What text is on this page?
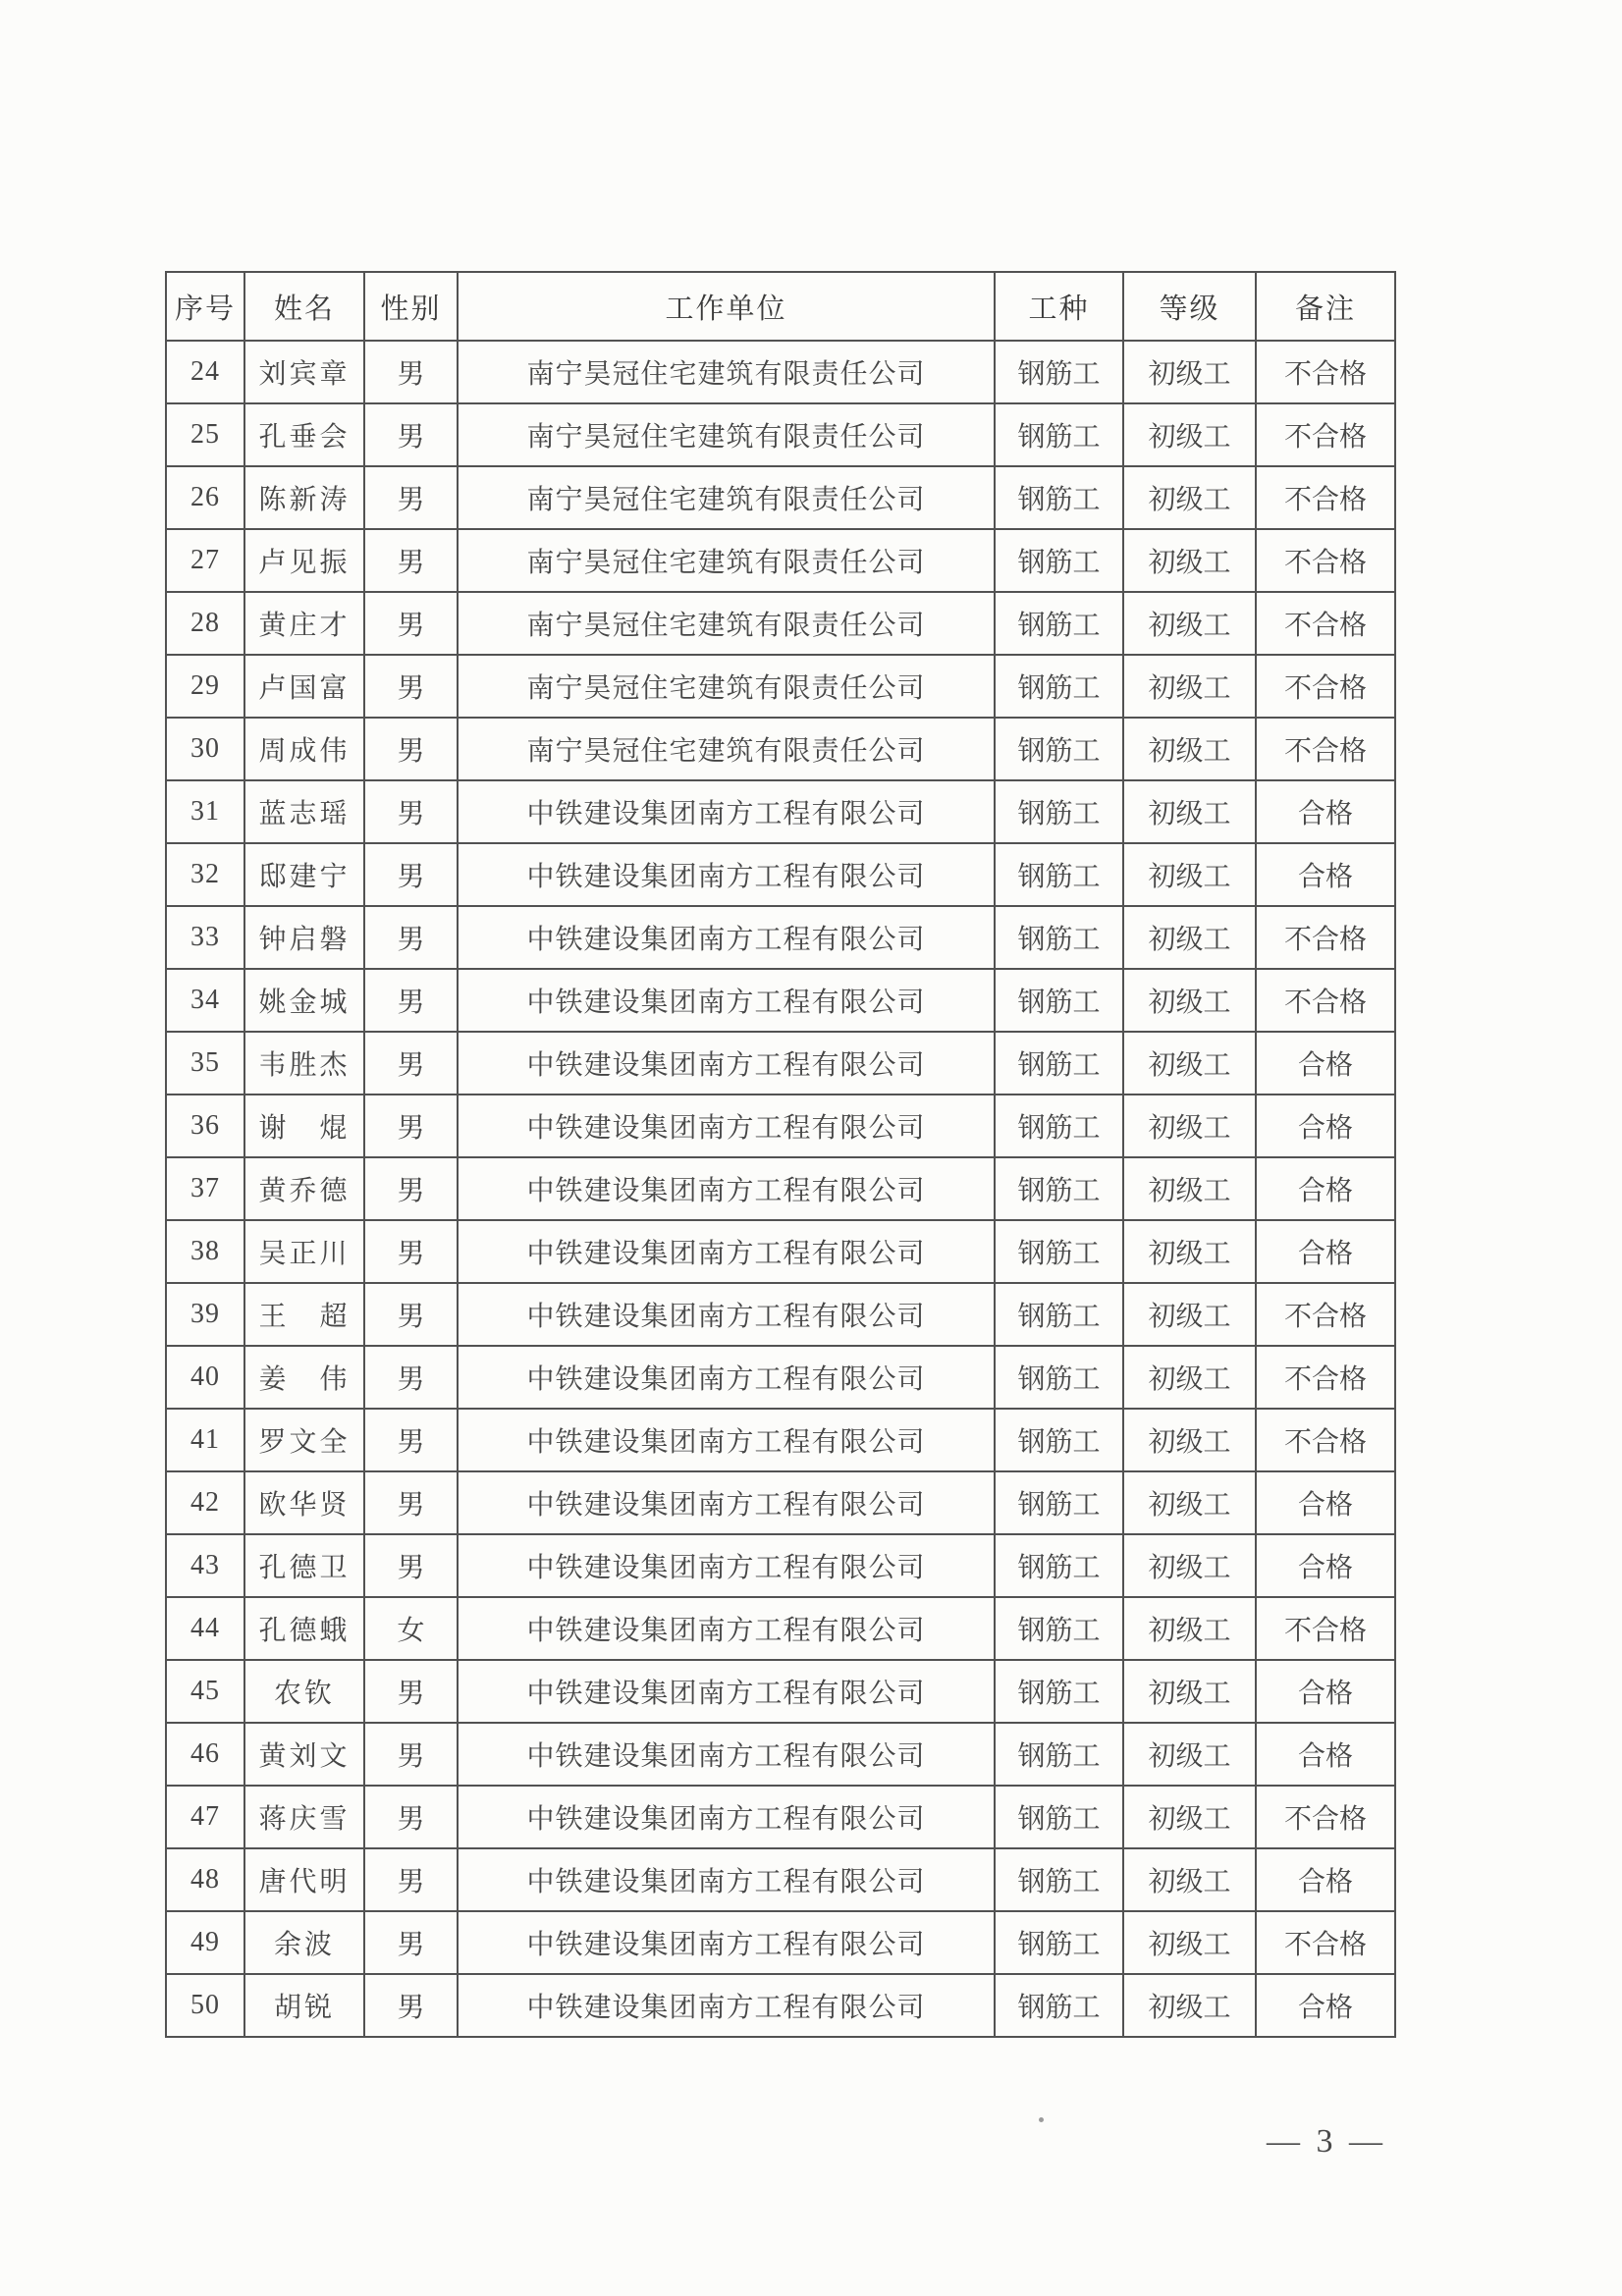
序号	姓名	性别	工作单位	工种	等级	备注
24	刘宾章	男	南宁昊冠住宅建筑有限责任公司	钢筋工	初级工	不合格
25	孔垂会	男	南宁昊冠住宅建筑有限责任公司	钢筋工	初级工	不合格
26	陈新涛	男	南宁昊冠住宅建筑有限责任公司	钢筋工	初级工	不合格
27	卢见振	男	南宁昊冠住宅建筑有限责任公司	钢筋工	初级工	不合格
28	黄庄才	男	南宁昊冠住宅建筑有限责任公司	钢筋工	初级工	不合格
29	卢国富	男	南宁昊冠住宅建筑有限责任公司	钢筋工	初级工	不合格
30	周成伟	男	南宁昊冠住宅建筑有限责任公司	钢筋工	初级工	不合格
31	蓝志瑶	男	中铁建设集团南方工程有限公司	钢筋工	初级工	合格
32	邸建宁	男	中铁建设集团南方工程有限公司	钢筋工	初级工	合格
33	钟启磐	男	中铁建设集团南方工程有限公司	钢筋工	初级工	不合格
34	姚金城	男	中铁建设集团南方工程有限公司	钢筋工	初级工	不合格
35	韦胜杰	男	中铁建设集团南方工程有限公司	钢筋工	初级工	合格
36	谢　焜	男	中铁建设集团南方工程有限公司	钢筋工	初级工	合格
37	黄乔德	男	中铁建设集团南方工程有限公司	钢筋工	初级工	合格
38	吴正川	男	中铁建设集团南方工程有限公司	钢筋工	初级工	合格
39	王　超	男	中铁建设集团南方工程有限公司	钢筋工	初级工	不合格
40	姜　伟	男	中铁建设集团南方工程有限公司	钢筋工	初级工	不合格
41	罗文全	男	中铁建设集团南方工程有限公司	钢筋工	初级工	不合格
42	欧华贤	男	中铁建设集团南方工程有限公司	钢筋工	初级工	合格
43	孔德卫	男	中铁建设集团南方工程有限公司	钢筋工	初级工	合格
44	孔德蛾	女	中铁建设集团南方工程有限公司	钢筋工	初级工	不合格
45	农钦	男	中铁建设集团南方工程有限公司	钢筋工	初级工	合格
46	黄刘文	男	中铁建设集团南方工程有限公司	钢筋工	初级工	合格
47	蒋庆雪	男	中铁建设集团南方工程有限公司	钢筋工	初级工	不合格
48	唐代明	男	中铁建设集团南方工程有限公司	钢筋工	初级工	合格
49	余波	男	中铁建设集团南方工程有限公司	钢筋工	初级工	不合格
50	胡锐	男	中铁建设集团南方工程有限公司	钢筋工	初级工	合格
— 3 —
